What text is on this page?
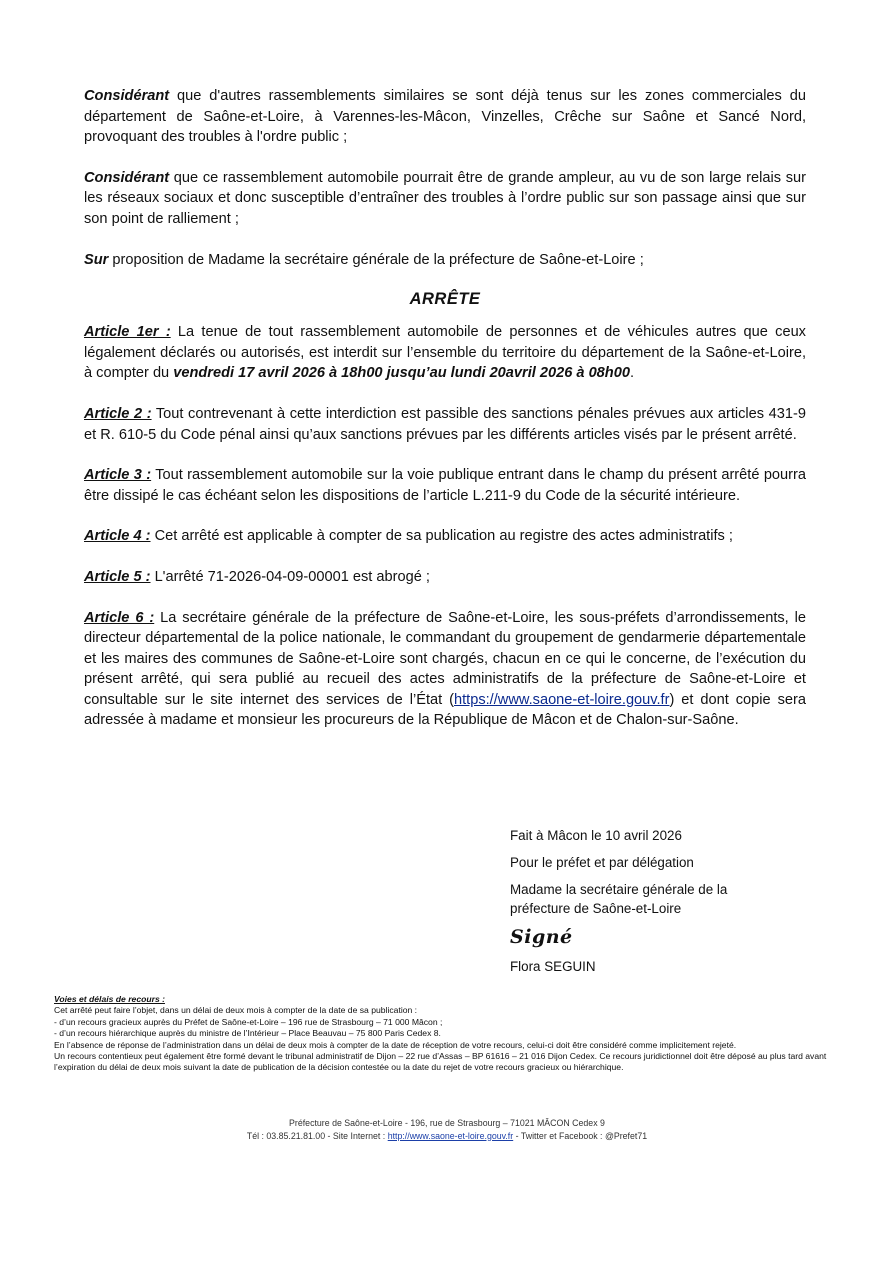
Considérant que d'autres rassemblements similaires se sont déjà tenus sur les zones commerciales du département de Saône-et-Loire, à Varennes-les-Mâcon, Vinzelles, Crêche sur Saône et Sancé Nord, provoquant des troubles à l'ordre public ;

Considérant que ce rassemblement automobile pourrait être de grande ampleur, au vu de son large relais sur les réseaux sociaux et donc susceptible d’entraîner des troubles à l’ordre public sur son passage ainsi que sur son point de ralliement ;

Sur proposition de Madame la secrétaire générale de la préfecture de Saône-et-Loire ;

ARRÊTE

Article 1er : La tenue de tout rassemblement automobile de personnes et de véhicules autres que ceux légalement déclarés ou autorisés, est interdit sur l’ensemble du territoire du département de la Saône-et-Loire, à compter du vendredi 17 avril 2026 à 18h00 jusqu’au lundi 20avril 2026 à 08h00.

Article 2 : Tout contrevenant à cette interdiction est passible des sanctions pénales prévues aux articles 431-9 et R. 610-5 du Code pénal ainsi qu’aux sanctions prévues par les différents articles visés par le présent arrêté.

Article 3 : Tout rassemblement automobile sur la voie publique entrant dans le champ du présent arrêté pourra être dissipé le cas échéant selon les dispositions de l’article L.211-9 du Code de la sécurité intérieure.

Article 4 : Cet arrêté est applicable à compter de sa publication au registre des actes administratifs ;

Article 5 : L'arrêté 71-2026-04-09-00001 est abrogé ;

Article 6 : La secrétaire générale de la préfecture de Saône-et-Loire, les sous-préfets d’arrondissements, le directeur départemental de la police nationale, le commandant du groupement de gendarmerie départementale et les maires des communes de Saône-et-Loire sont chargés, chacun en ce qui le concerne, de l’exécution du présent arrêté, qui sera publié au recueil des actes administratifs de la préfecture de Saône-et-Loire et consultable sur le site internet des services de l’État (https://www.saone-et-loire.gouv.fr) et dont copie sera adressée à madame et monsieur les procureurs de la République de Mâcon et de Chalon-sur-Saône.

Fait à Mâcon le 10 avril 2026
Pour le préfet et par délégation
Madame la secrétaire générale de la
préfecture de Saône-et-Loire
Signé
Flora SEGUIN
Voies et délais de recours :
Cet arrêté peut faire l’objet, dans un délai de deux mois à compter de la date de sa publication :
- d’un recours gracieux auprès du Préfet de Saône-et-Loire – 196 rue de Strasbourg – 71 000 Mâcon ;
- d’un recours hiérarchique auprès du ministre de l’Intérieur – Place Beauvau – 75 800 Paris Cedex 8.
En l’absence de réponse de l’administration dans un délai de deux mois à compter de la date de réception de votre recours, celui-ci doit être considéré comme implicitement rejeté.
Un recours contentieux peut également être formé devant le tribunal administratif de Dijon – 22 rue d’Assas – BP 61616 – 21 016 Dijon Cedex. Ce recours juridictionnel doit être déposé au plus tard avant l’expiration du délai de deux mois suivant la date de publication de la décision contestée ou la date du rejet de votre recours gracieux ou hiérarchique.
Préfecture de Saône-et-Loire - 196, rue de Strasbourg – 71021 MÂCON Cedex 9
Tél : 03.85.21.81.00 - Site Internet : http://www.saone-et-loire.gouv.fr - Twitter et Facebook : @Prefet71
